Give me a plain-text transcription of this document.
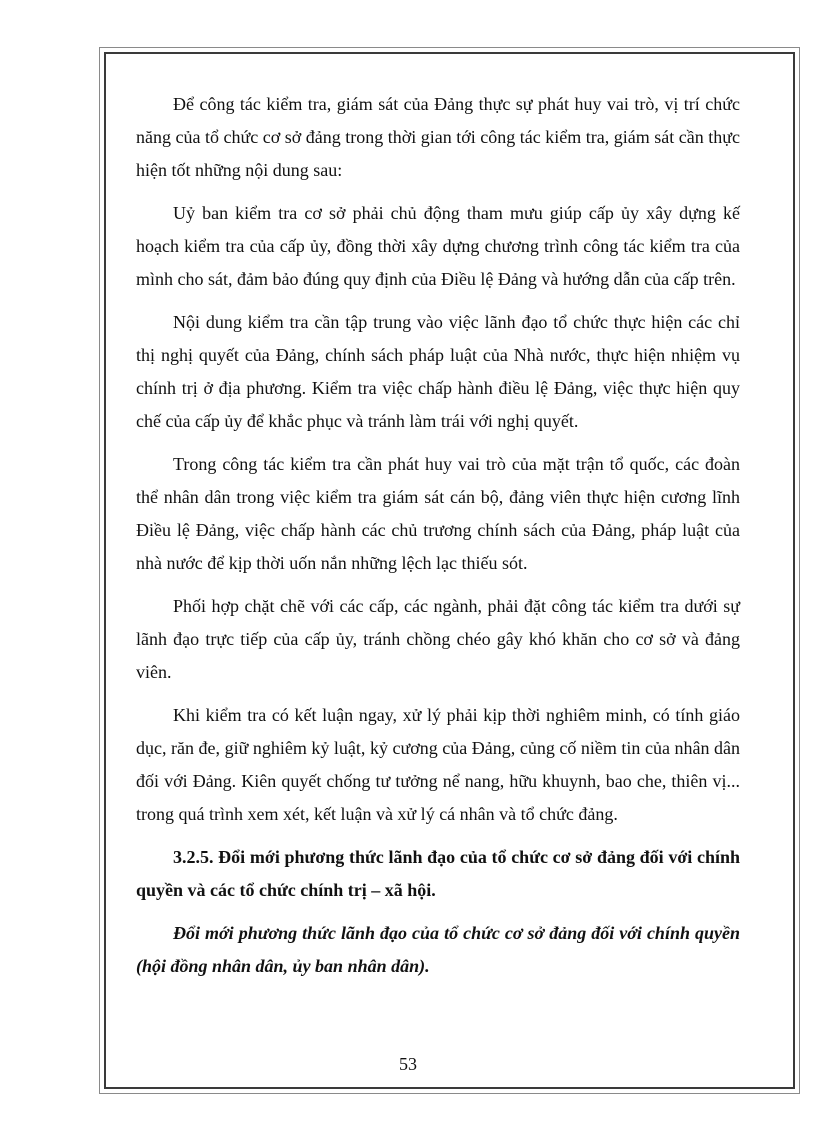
Để công tác kiểm tra, giám sát của Đảng thực sự phát huy vai trò, vị trí chức năng của tổ chức cơ sở đảng trong thời gian tới công tác kiểm tra, giám sát cần thực hiện tốt những nội dung sau:

Uỷ ban kiểm tra cơ sở phải chủ động tham mưu giúp cấp ủy xây dựng kế hoạch kiểm tra của cấp ủy, đồng thời xây dựng chương trình công tác kiểm tra của mình cho sát, đảm bảo đúng quy định của Điều lệ Đảng và hướng dẫn của cấp trên.

Nội dung kiểm tra cần tập trung vào việc lãnh đạo tổ chức thực hiện các chỉ thị nghị quyết của Đảng, chính sách pháp luật của Nhà nước, thực hiện nhiệm vụ chính trị ở địa phương. Kiểm tra việc chấp hành điều lệ Đảng, việc thực hiện quy chế của cấp ủy để khắc phục và tránh làm trái với nghị quyết.

Trong công tác kiểm tra cần phát huy vai trò của mặt trận tổ quốc, các đoàn thể nhân dân trong việc kiểm tra giám sát cán bộ, đảng viên thực hiện cương lĩnh Điều lệ Đảng, việc chấp hành các chủ trương chính sách của Đảng, pháp luật của nhà nước để kịp thời uốn nắn những lệch lạc thiếu sót.

Phối hợp chặt chẽ với các cấp, các ngành, phải đặt công tác kiểm tra dưới sự lãnh đạo trực tiếp của cấp ủy, tránh chồng chéo gây khó khăn cho cơ sở và đảng viên.

Khi kiểm tra có kết luận ngay, xử lý phải kịp thời nghiêm minh, có tính giáo dục, răn đe, giữ nghiêm kỷ luật, kỷ cương của Đảng, củng cố niềm tin của nhân dân đối với Đảng. Kiên quyết chống tư tưởng nể nang, hữu khuynh, bao che, thiên vị... trong quá trình xem xét, kết luận và xử lý cá nhân và tổ chức đảng.

3.2.5. Đổi mới phương thức lãnh đạo của tổ chức cơ sở đảng đối với chính quyền và các tổ chức chính trị – xã hội.

Đổi mới phương thức lãnh đạo của tổ chức cơ sở đảng đối với chính quyền (hội đồng nhân dân, ủy ban nhân dân).

53
